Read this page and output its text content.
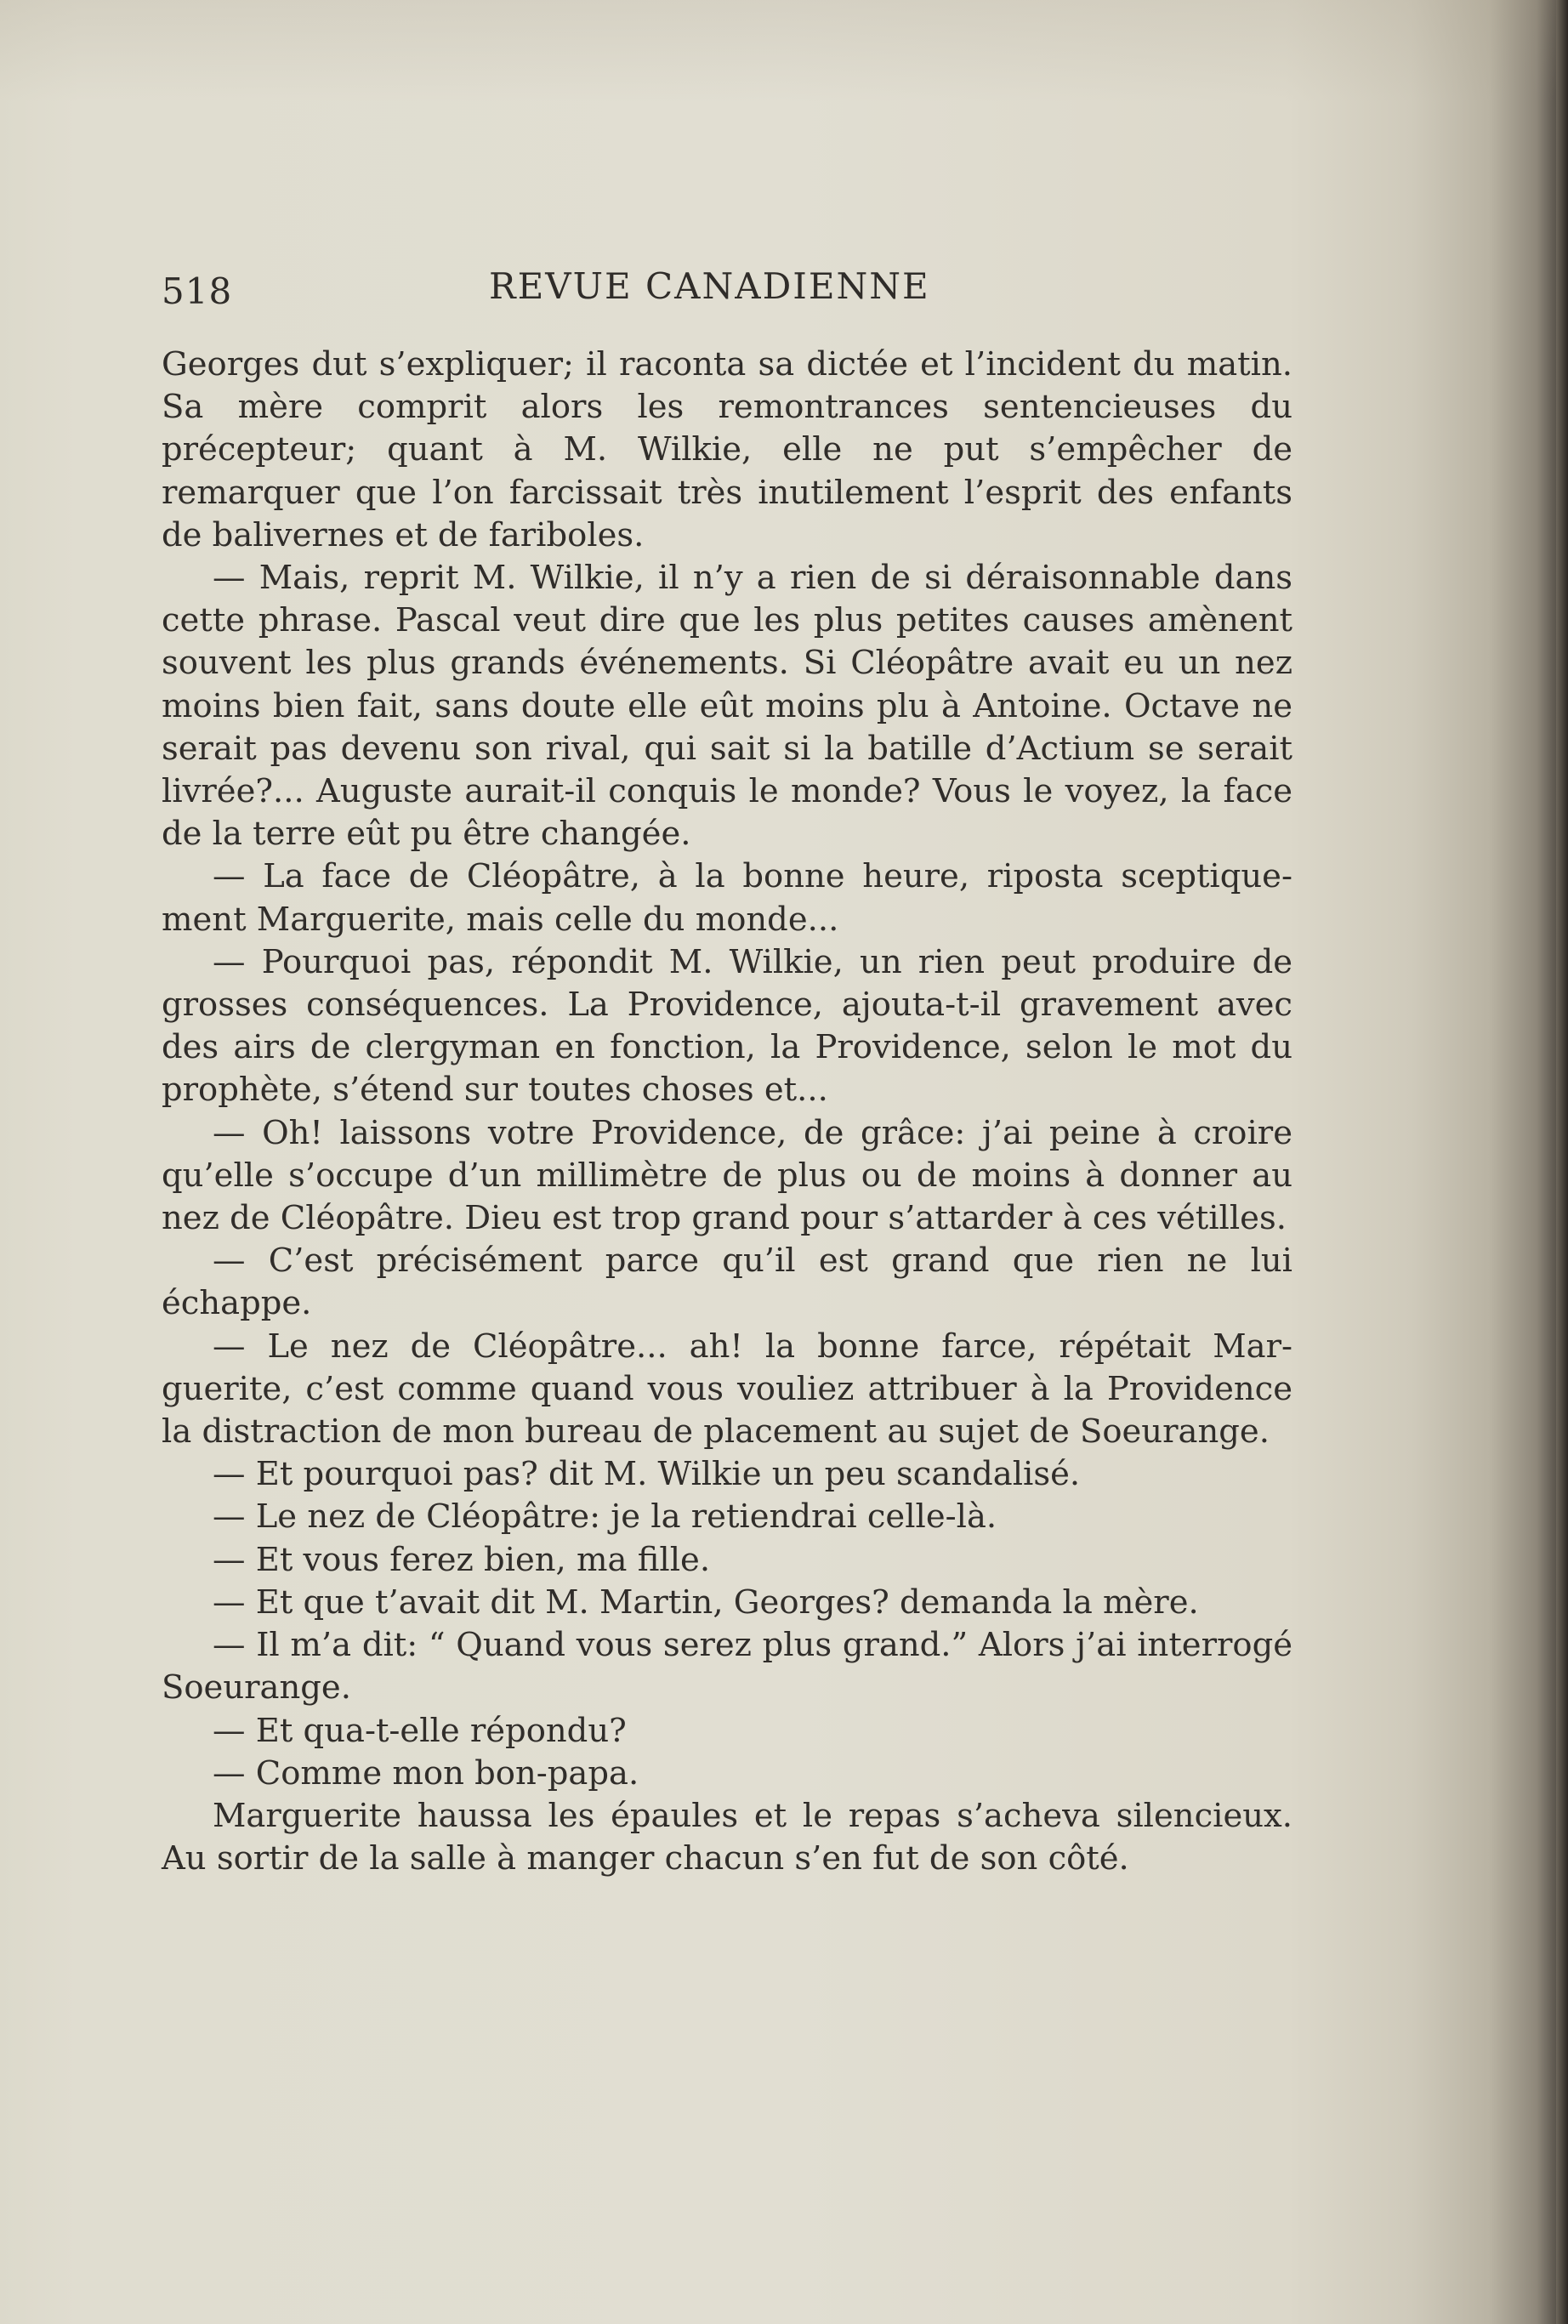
518	REVUE CANADIENNE

Georges dut s’expliquer; il raconta sa dictée et l’incident du matin. Sa mère comprit alors les remontrances sentencieuses du précepteur; quant à M. Wilkie, elle ne put s’empêcher de remarquer que l’on farcissait très inutilement l’esprit des enfants de balivernes et de fariboles.

— Mais, reprit M. Wilkie, il n’y a rien de si déraisonnable dans cette phrase. Pascal veut dire que les plus petites causes amènent souvent les plus grands événements. Si Cléopâtre avait eu un nez moins bien fait, sans doute elle eût moins plu à Antoine. Octave ne serait pas devenu son rival, qui sait si la batille d’Actium se serait livrée?... Auguste aurait-il conquis le monde? Vous le voyez, la face de la terre eût pu être changée.

— La face de Cléopâtre, à la bonne heure, riposta sceptiquement Marguerite, mais celle du monde...

— Pourquoi pas, répondit M. Wilkie, un rien peut produire de grosses conséquences. La Providence, ajouta-t-il gravement avec des airs de clergyman en fonction, la Providence, selon le mot du prophète, s’étend sur toutes choses et...

— Oh! laissons votre Providence, de grâce: j’ai peine à croire qu’elle s’occupe d’un millimètre de plus ou de moins à donner au nez de Cléopâtre. Dieu est trop grand pour s’attarder à ces vétilles.

— C’est précisément parce qu’il est grand que rien ne lui échappe.

— Le nez de Cléopâtre... ah! la bonne farce, répétait Marguerite, c’est comme quand vous vouliez attribuer à la Providence la distraction de mon bureau de placement au sujet de Soeurange.

— Et pourquoi pas? dit M. Wilkie un peu scandalisé.

— Le nez de Cléopâtre: je la retiendrai celle-là.

— Et vous ferez bien, ma fille.

— Et que t’avait dit M. Martin, Georges? demanda la mère.

— Il m’a dit: “ Quand vous serez plus grand.” Alors j’ai interrogé Soeurange.

— Et qua-t-elle répondu?

— Comme mon bon-papa.

Marguerite haussa les épaules et le repas s’acheva silencieux. Au sortir de la salle à manger chacun s’en fut de son côté.
